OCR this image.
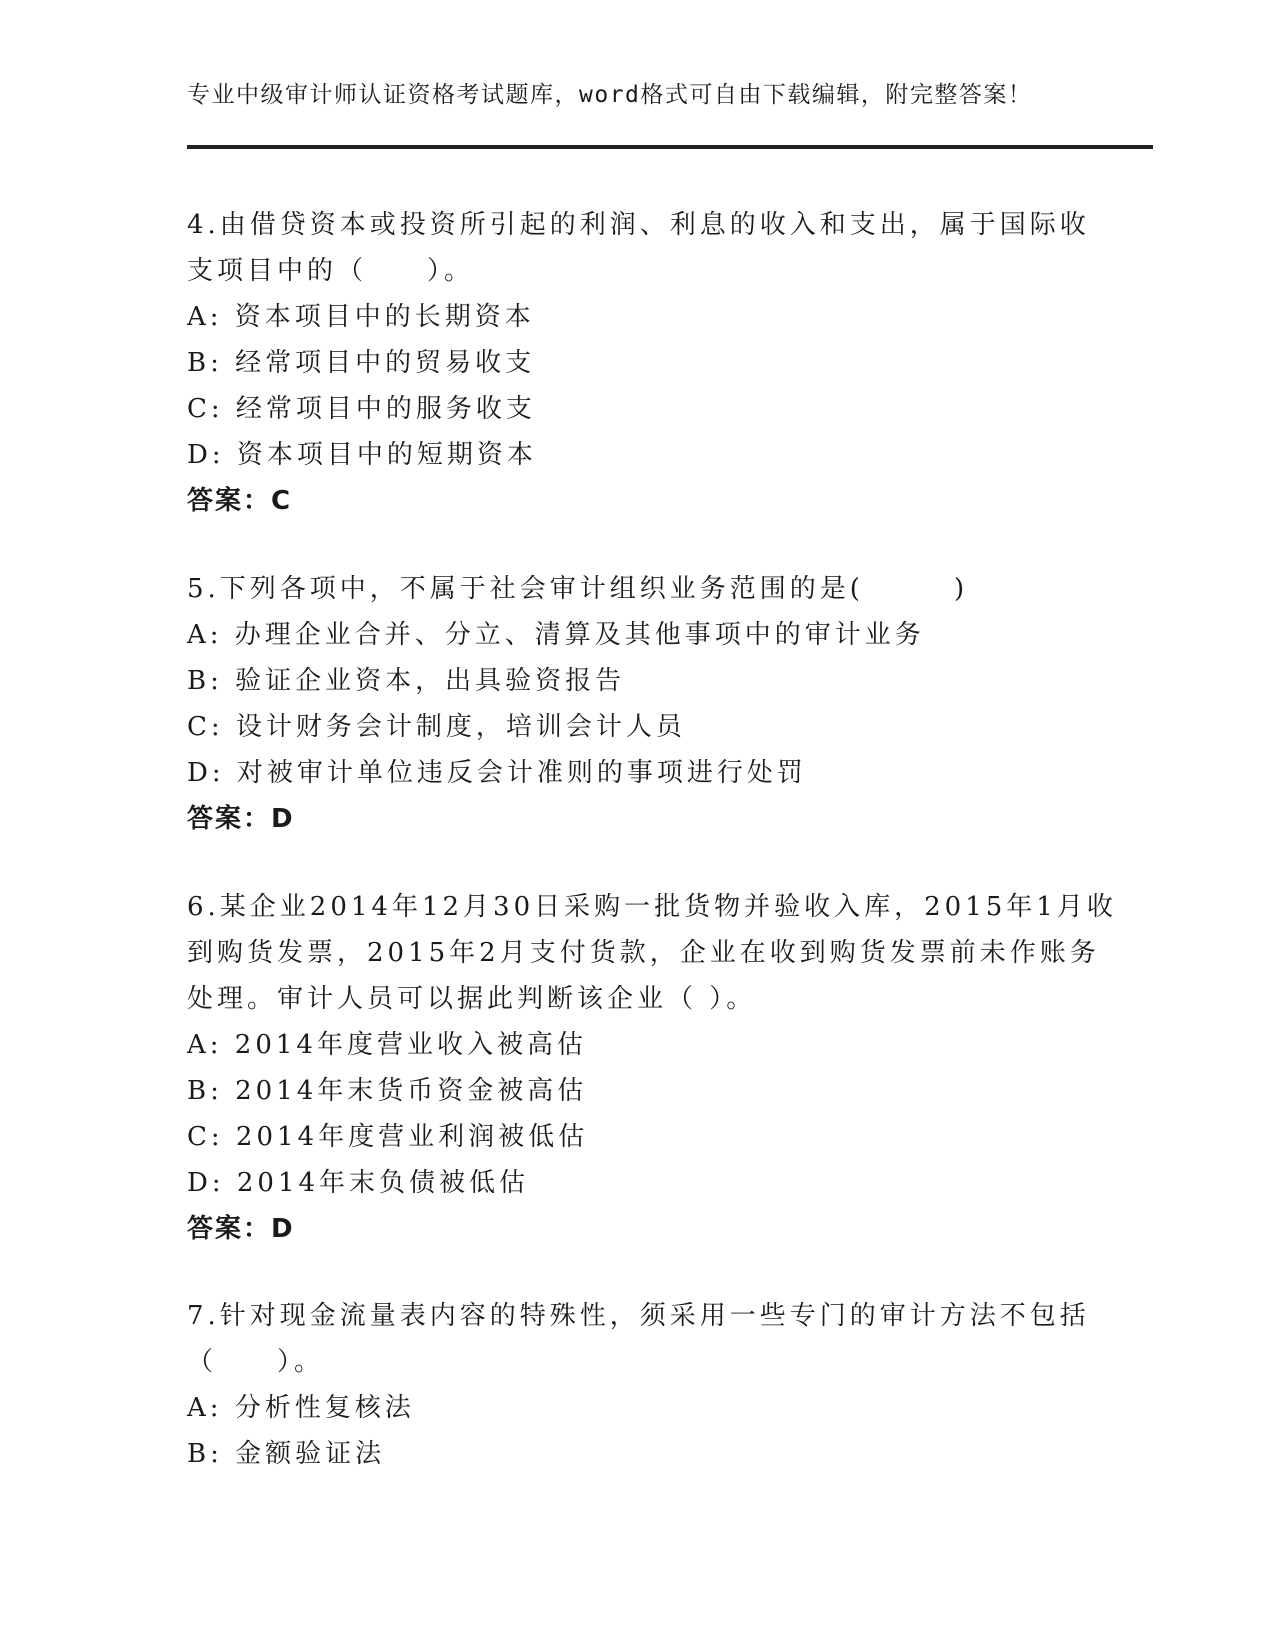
专业中级审计师认证资格考试题库，word格式可自由下载编辑，附完整答案！
4.由借贷资本或投资所引起的利润、利息的收入和支出，属于国际收
支项目中的（　　）。
A: 资本项目中的长期资本
B: 经常项目中的贸易收支
C: 经常项目中的服务收支
D: 资本项目中的短期资本
答案：C
5.下列各项中，不属于社会审计组织业务范围的是(　　　)
A: 办理企业合并、分立、清算及其他事项中的审计业务
B: 验证企业资本，出具验资报告
C: 设计财务会计制度，培训会计人员
D: 对被审计单位违反会计准则的事项进行处罚
答案：D
6.某企业2014年12月30日采购一批货物并验收入库，2015年1月收
到购货发票，2015年2月支付货款，企业在收到购货发票前未作账务
处理。审计人员可以据此判断该企业（ ）。
A: 2014年度营业收入被高估
B: 2014年末货币资金被高估
C: 2014年度营业利润被低估
D: 2014年末负债被低估
答案：D
7.针对现金流量表内容的特殊性，须采用一些专门的审计方法不包括
（　　）。
A: 分析性复核法
B: 金额验证法
